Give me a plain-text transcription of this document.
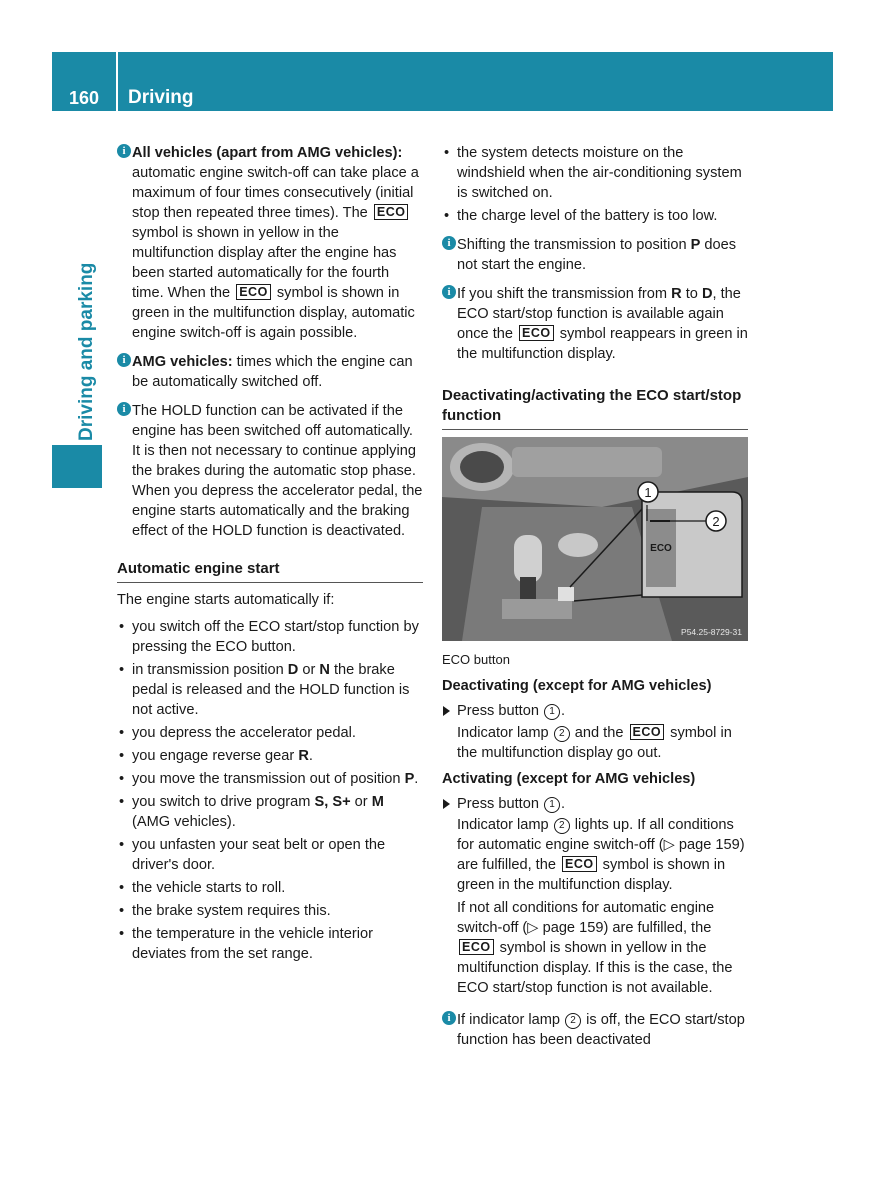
160	Driving
Driving and parking
i All vehicles (apart from AMG vehicles): automatic engine switch-off can take place a maximum of four times consecutively (initial stop then repeated three times). The ECO symbol is shown in yellow in the multifunction display after the engine has been started automatically for the fourth time. When the ECO symbol is shown in green in the multifunction display, automatic engine switch-off is again possible.

i AMG vehicles: times which the engine can be automatically switched off.

i The HOLD function can be activated if the engine has been switched off automatically. It is then not necessary to continue applying the brakes during the automatic stop phase. When you depress the accelerator pedal, the engine starts automatically and the braking effect of the HOLD function is deactivated.

Automatic engine start

The engine starts automatically if:

• you switch off the ECO start/stop function by pressing the ECO button.

• in transmission position D or N the brake pedal is released and the HOLD function is not active.

• you depress the accelerator pedal.

• you engage reverse gear R.

• you move the transmission out of position P.

• you switch to drive program S, S+ or M (AMG vehicles).

• you unfasten your seat belt or open the driver's door.

• the vehicle starts to roll.

• the brake system requires this.

• the temperature in the vehicle interior deviates from the set range.

• the system detects moisture on the windshield when the air-conditioning system is switched on.

• the charge level of the battery is too low.

i Shifting the transmission to position P does not start the engine.

i If you shift the transmission from R to D, the ECO start/stop function is available again once the ECO symbol reappears in green in the multifunction display.

Deactivating/activating the ECO start/stop function
1
2
ECO
P54.25-8729-31

ECO button

Deactivating (except for AMG vehicles)

Press button 1 .

Indicator lamp 2 and the ECO symbol in the multifunction display go out.

Activating (except for AMG vehicles)

Press button 1 .

Indicator lamp 2 lights up. If all conditions for automatic engine switch-off (▷ page 159) are fulfilled, the ECO symbol is shown in green in the multifunction display.

If not all conditions for automatic engine switch-off (▷ page 159) are fulfilled, the ECO symbol is shown in yellow in the multifunction display. If this is the case, the ECO start/stop function is not available.

i If indicator lamp 2 is off, the ECO start/stop function has been deactivated
